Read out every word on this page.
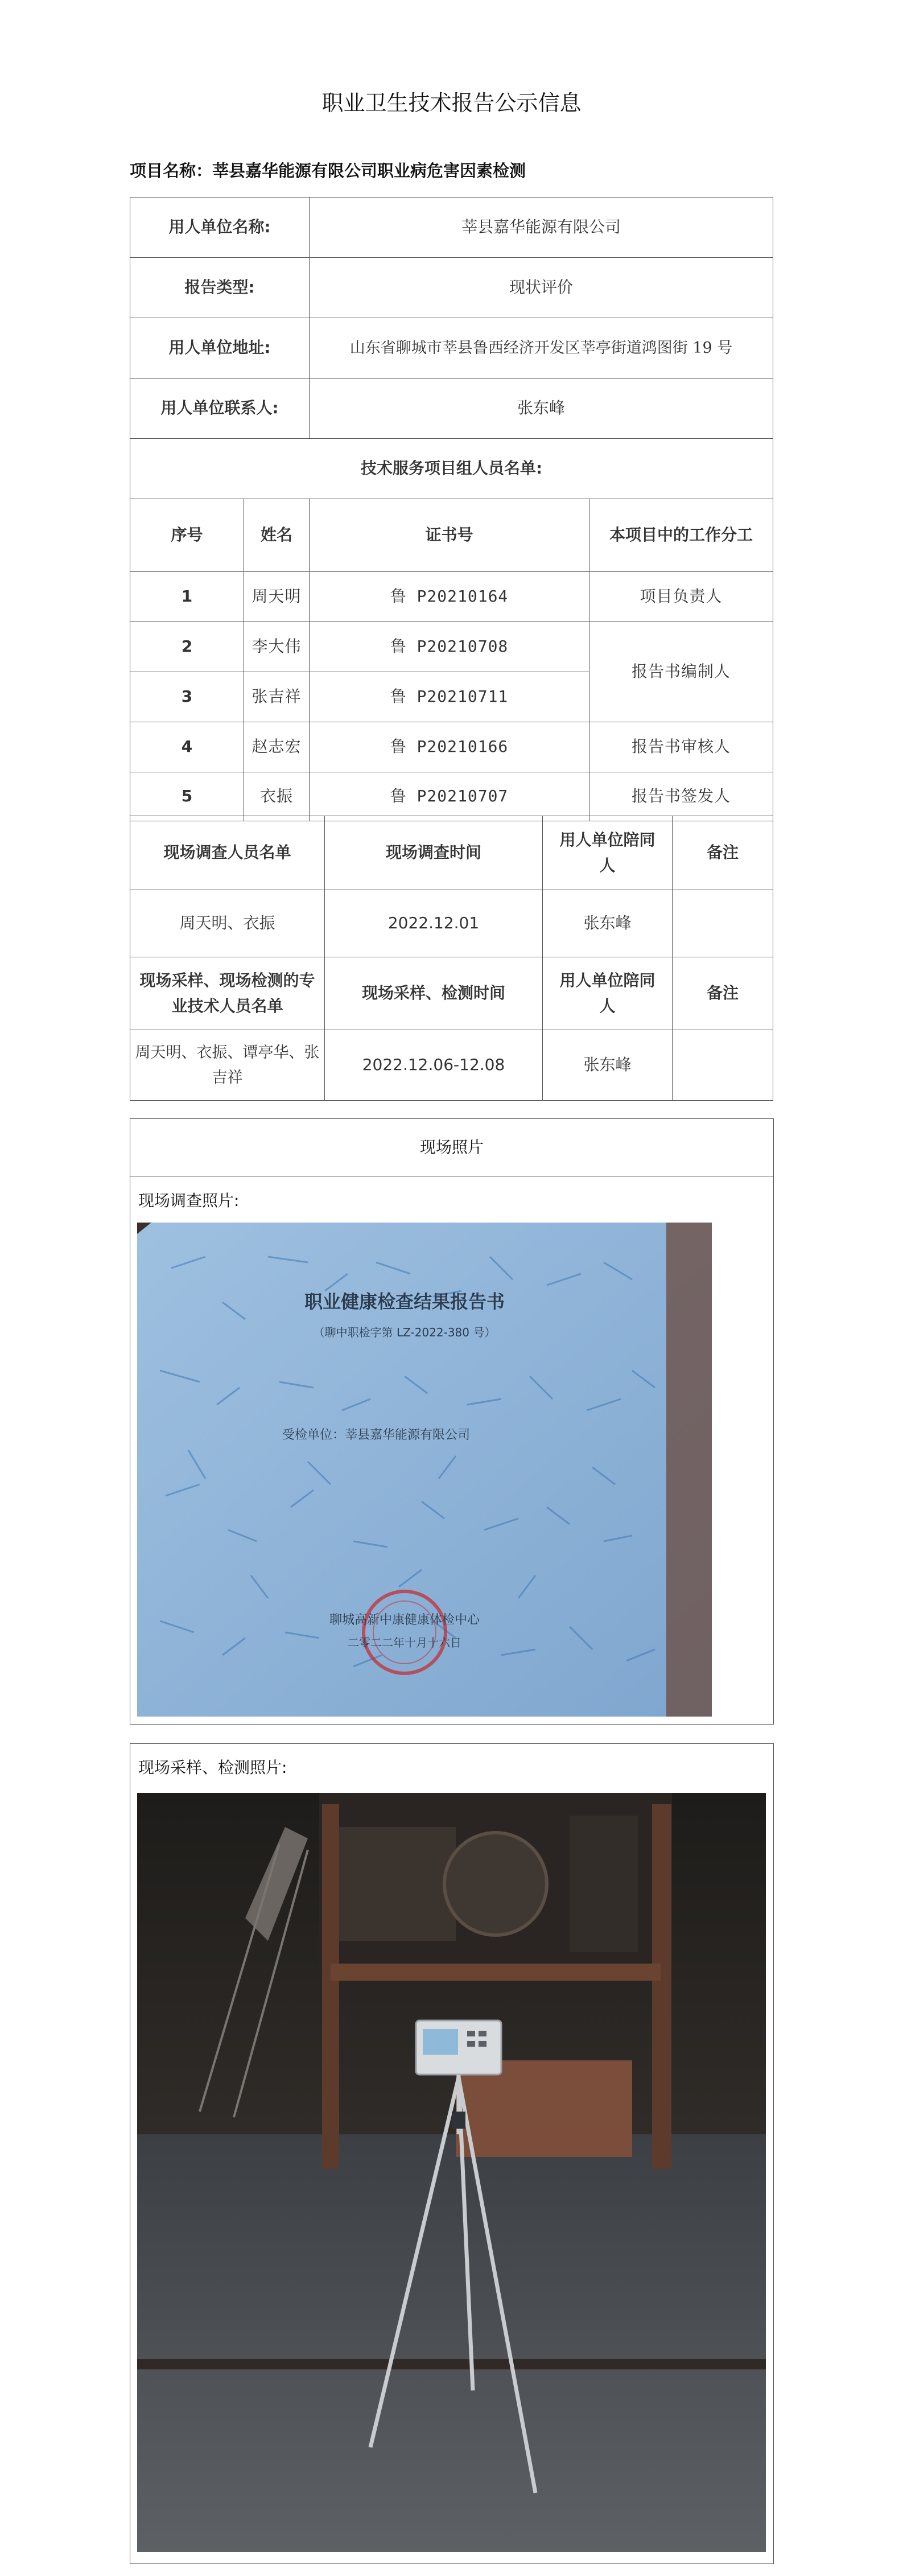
职业卫生技术报告公示信息
项目名称：莘县嘉华能源有限公司职业病危害因素检测
用人单位名称:		莘县嘉华能源有限公司	
报告类型:		现状评价	
用人单位地址:		山东省聊城市莘县鲁西经济开发区莘亭街道鸿图街 19 号	
用人单位联系人:		张东峰	
技术服务项目组人员名单:			
序号	姓名	证书号	本项目中的工作分工
1	周天明	鲁 P20210164	项目负责人
2	李大伟	鲁 P20210708	报告书编制人
3	张吉祥	鲁 P20210711	
4	赵志宏	鲁 P20210166	报告书审核人
5	衣振	鲁 P20210707	报告书签发人
现场调查人员名单	现场调查时间	用人单位陪同人	备注
周天明、衣振	2022.12.01	张东峰	
现场采样、现场检测的专业技术人员名单	现场采样、检测时间	用人单位陪同人	备注
周天明、衣振、谭亭华、张吉祥	2022.12.06-12.08	张东峰	
现场照片
现场调查照片:
职业健康检查结果报告书
（聊中职检字第 LZ-2022-380 号）
受检单位：莘县嘉华能源有限公司
聊城高新中康健康体检中心
二零二二年十月十六日
现场采样、检测照片:
